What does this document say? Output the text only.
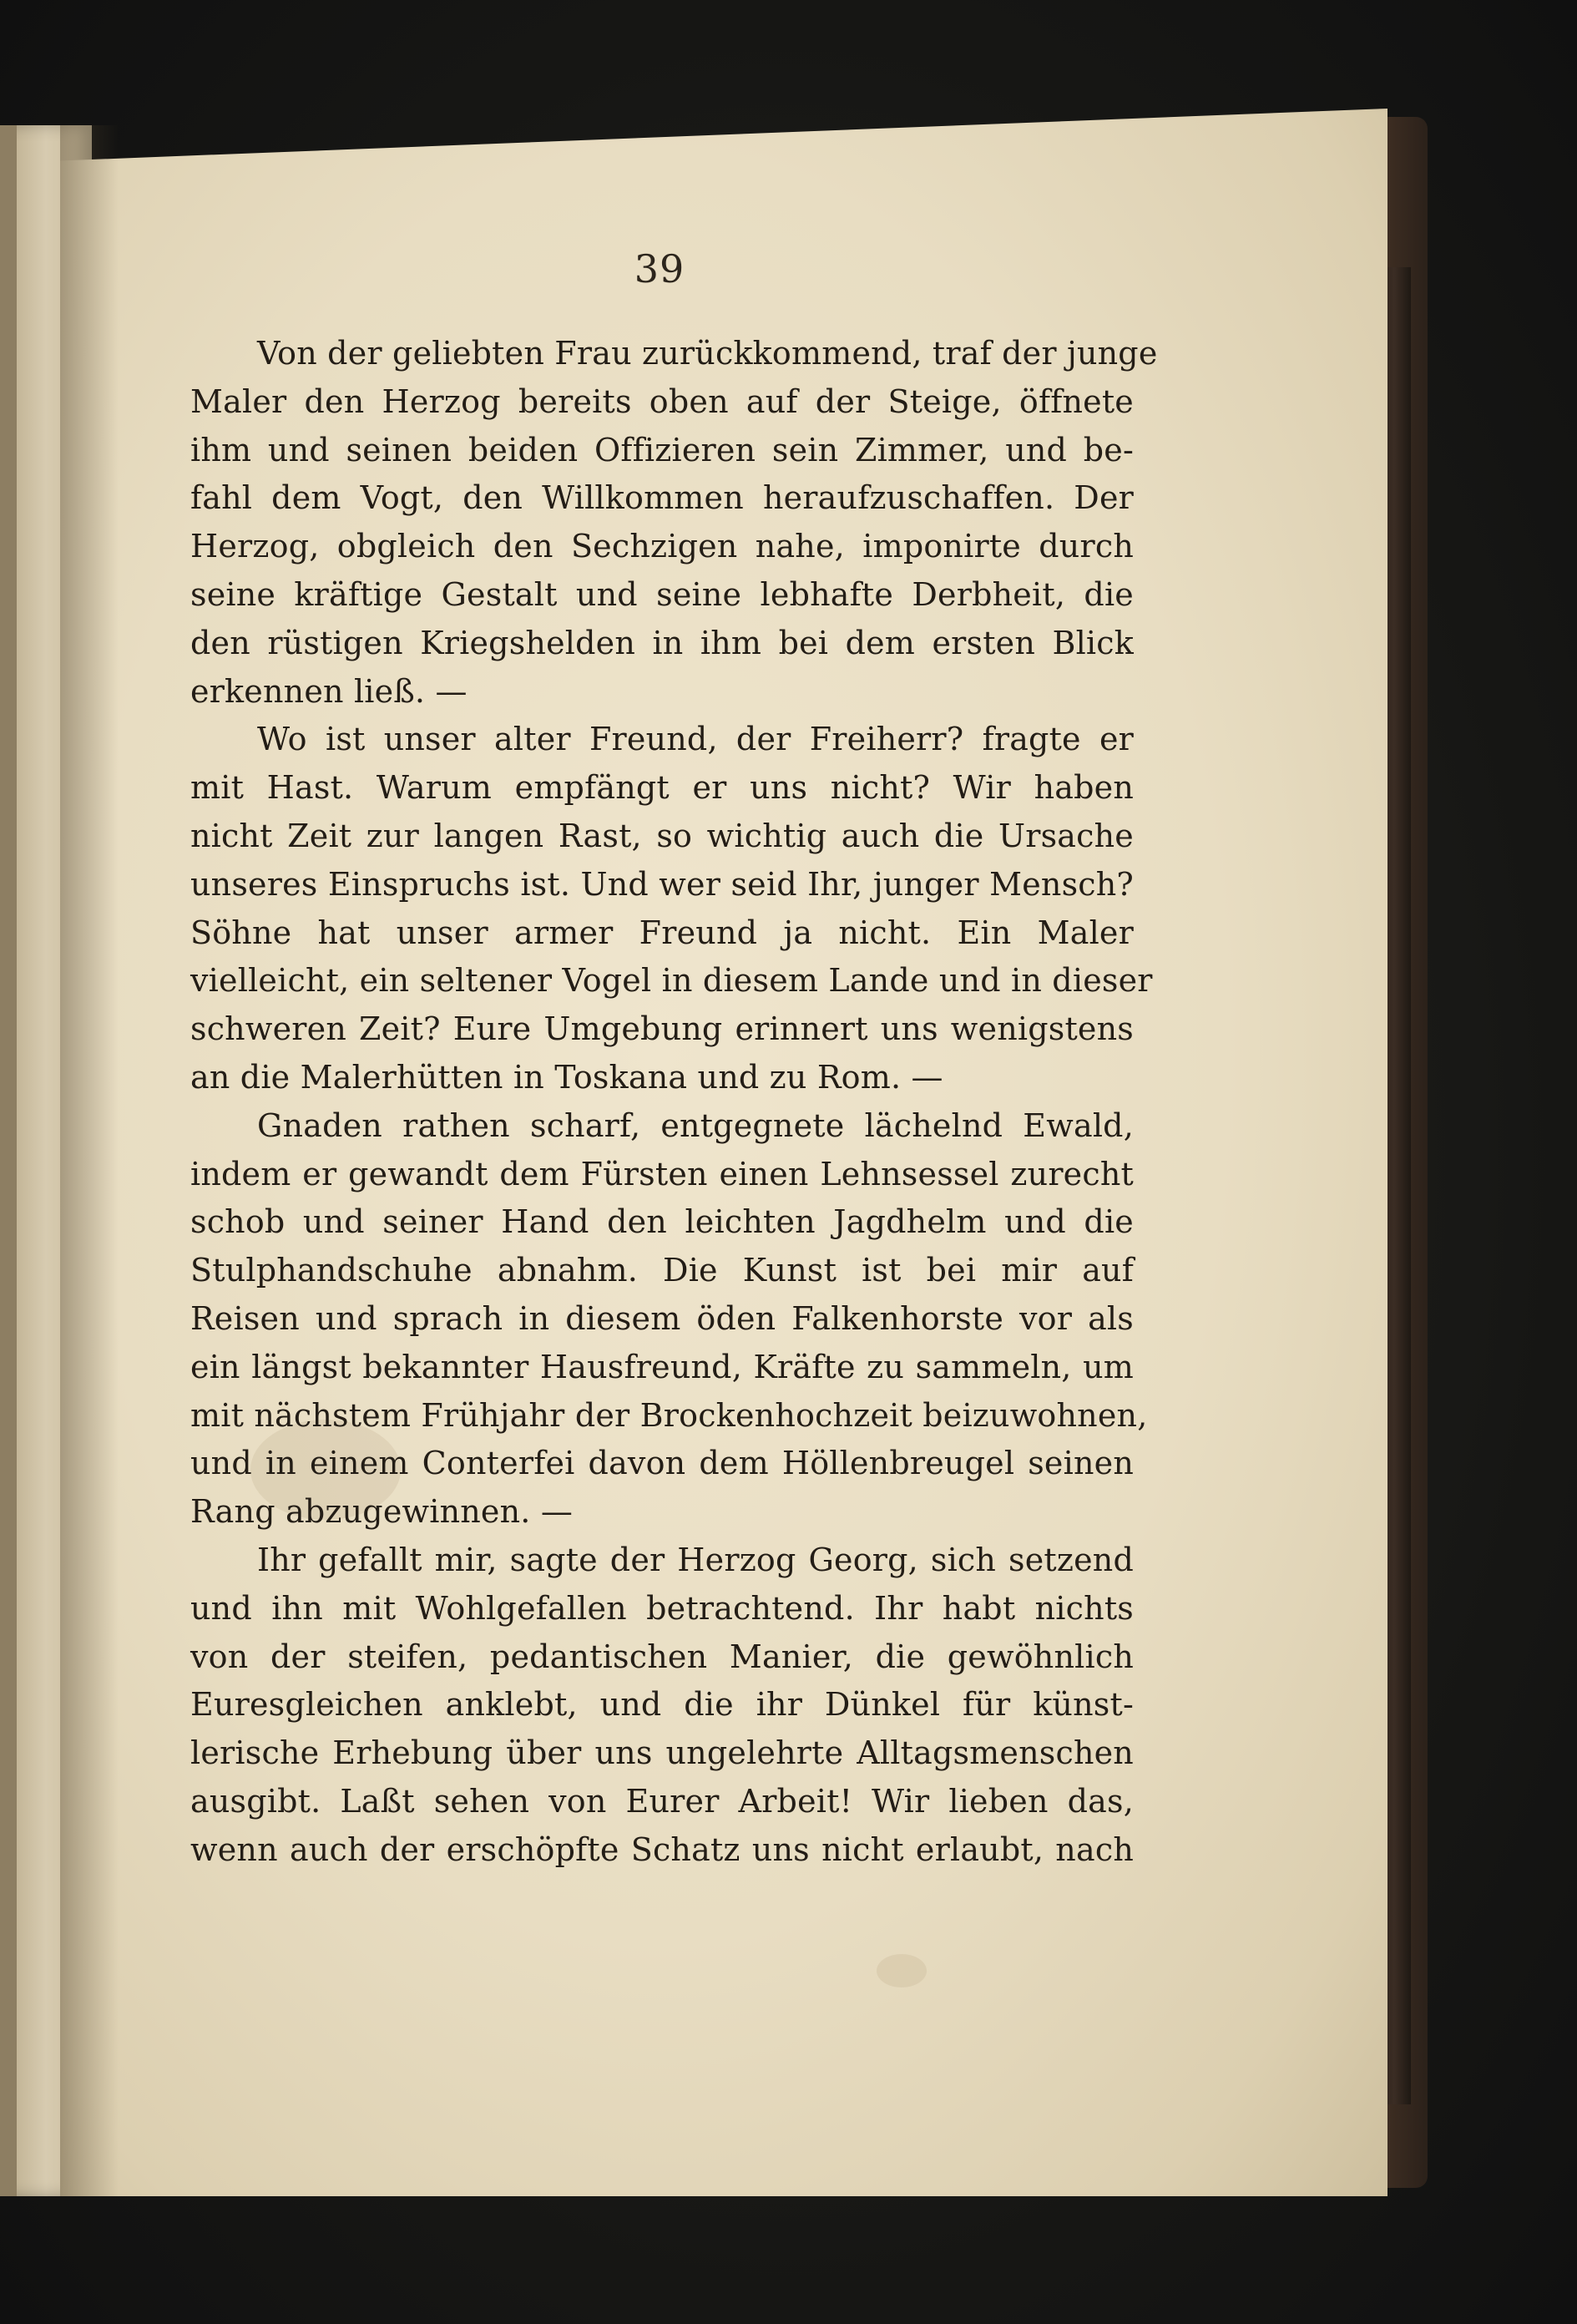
39
Von der geliebten Frau zurückkommend, traf der junge
Maler den Herzog bereits oben auf der Steige, öffnete
ihm und seinen beiden Offizieren sein Zimmer, und be-
fahl dem Vogt, den Willkommen heraufzuschaffen. Der
Herzog, obgleich den Sechzigen nahe, imponirte durch
seine kräftige Gestalt und seine lebhafte Derbheit, die
den rüstigen Kriegshelden in ihm bei dem ersten Blick
erkennen ließ. —
Wo ist unser alter Freund, der Freiherr? fragte er
mit Hast. Warum empfängt er uns nicht? Wir haben
nicht Zeit zur langen Rast, so wichtig auch die Ursache
unseres Einspruchs ist. Und wer seid Ihr, junger Mensch?
Söhne hat unser armer Freund ja nicht. Ein Maler
vielleicht, ein seltener Vogel in diesem Lande und in dieser
schweren Zeit? Eure Umgebung erinnert uns wenigstens
an die Malerhütten in Toskana und zu Rom. —
Gnaden rathen scharf, entgegnete lächelnd Ewald,
indem er gewandt dem Fürsten einen Lehnsessel zurecht
schob und seiner Hand den leichten Jagdhelm und die
Stulphandschuhe abnahm. Die Kunst ist bei mir auf
Reisen und sprach in diesem öden Falkenhorste vor als
ein längst bekannter Hausfreund, Kräfte zu sammeln, um
mit nächstem Frühjahr der Brockenhochzeit beizuwohnen,
und in einem Conterfei davon dem Höllenbreugel seinen
Rang abzugewinnen. —
Ihr gefallt mir, sagte der Herzog Georg, sich setzend
und ihn mit Wohlgefallen betrachtend. Ihr habt nichts
von der steifen, pedantischen Manier, die gewöhnlich
Euresgleichen anklebt, und die ihr Dünkel für künst-
lerische Erhebung über uns ungelehrte Alltagsmenschen
ausgibt. Laßt sehen von Eurer Arbeit! Wir lieben das,
wenn auch der erschöpfte Schatz uns nicht erlaubt, nach
